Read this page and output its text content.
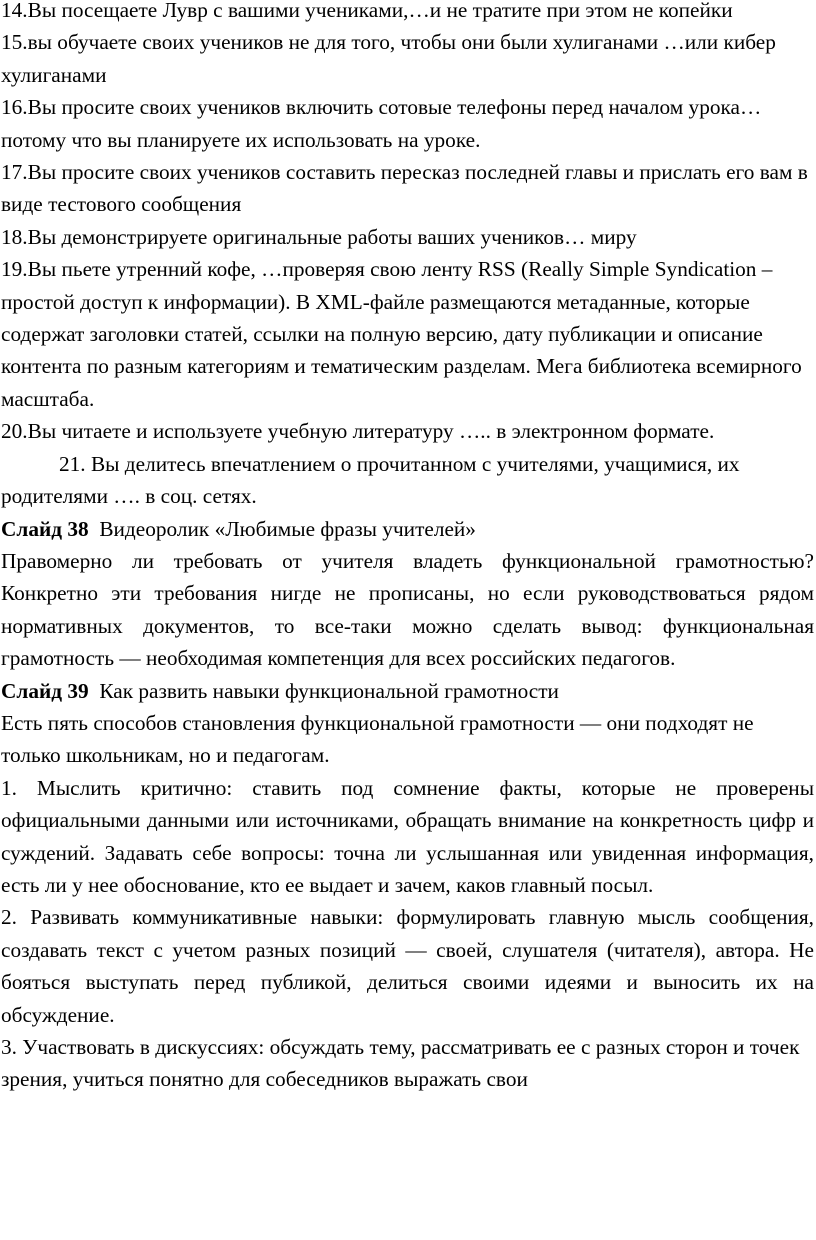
14.Вы посещаете Лувр с вашими учениками,…и не тратите при этом не копейки

15.вы обучаете своих учеников не для того, чтобы они были хулиганами …или кибер хулиганами

16.Вы просите своих учеников включить сотовые телефоны перед началом урока…потому что вы планируете их использовать на уроке.

17.Вы просите своих учеников составить пересказ последней главы и прислать его вам в виде тестового сообщения

18.Вы демонстрируете оригинальные работы ваших учеников… миру

19.Вы пьете утренний кофе, …проверяя свою ленту RSS (Really Simple Syndication – простой доступ к информации). В XML-файле размещаются метаданные, которые содержат заголовки статей, ссылки на полную версию, дату публикации и описание контента по разным категориям и тематическим разделам. Мега библиотека всемирного масштаба.

20.Вы читаете и используете учебную литературу ….. в электронном формате.

21. Вы делитесь впечатлением о прочитанном с учителями, учащимися, их родителями …. в соц. сетях.

Слайд 38 Видеоролик «Любимые фразы учителей»

Правомерно ли требовать от учителя владеть функциональной грамотностью? Конкретно эти требования нигде не прописаны, но если руководствоваться рядом нормативных документов, то все-таки можно сделать вывод: функциональная грамотность — необходимая компетенция для всех российских педагогов.

Слайд 39 Как развить навыки функциональной грамотности

Есть пять способов становления функциональной грамотности — они подходят не только школьникам, но и педагогам.

1. Мыслить критично: ставить под сомнение факты, которые не проверены официальными данными или источниками, обращать внимание на конкретность цифр и суждений. Задавать себе вопросы: точна ли услышанная или увиденная информация, есть ли у нее обоснование, кто ее выдает и зачем, каков главный посыл.

2. Развивать коммуникативные навыки: формулировать главную мысль сообщения, создавать текст с учетом разных позиций — своей, слушателя (читателя), автора. Не бояться выступать перед публикой, делиться своими идеями и выносить их на обсуждение.

3. Участвовать в дискуссиях: обсуждать тему, рассматривать ее с разных сторон и точек зрения, учиться понятно для собеседников выражать свои
